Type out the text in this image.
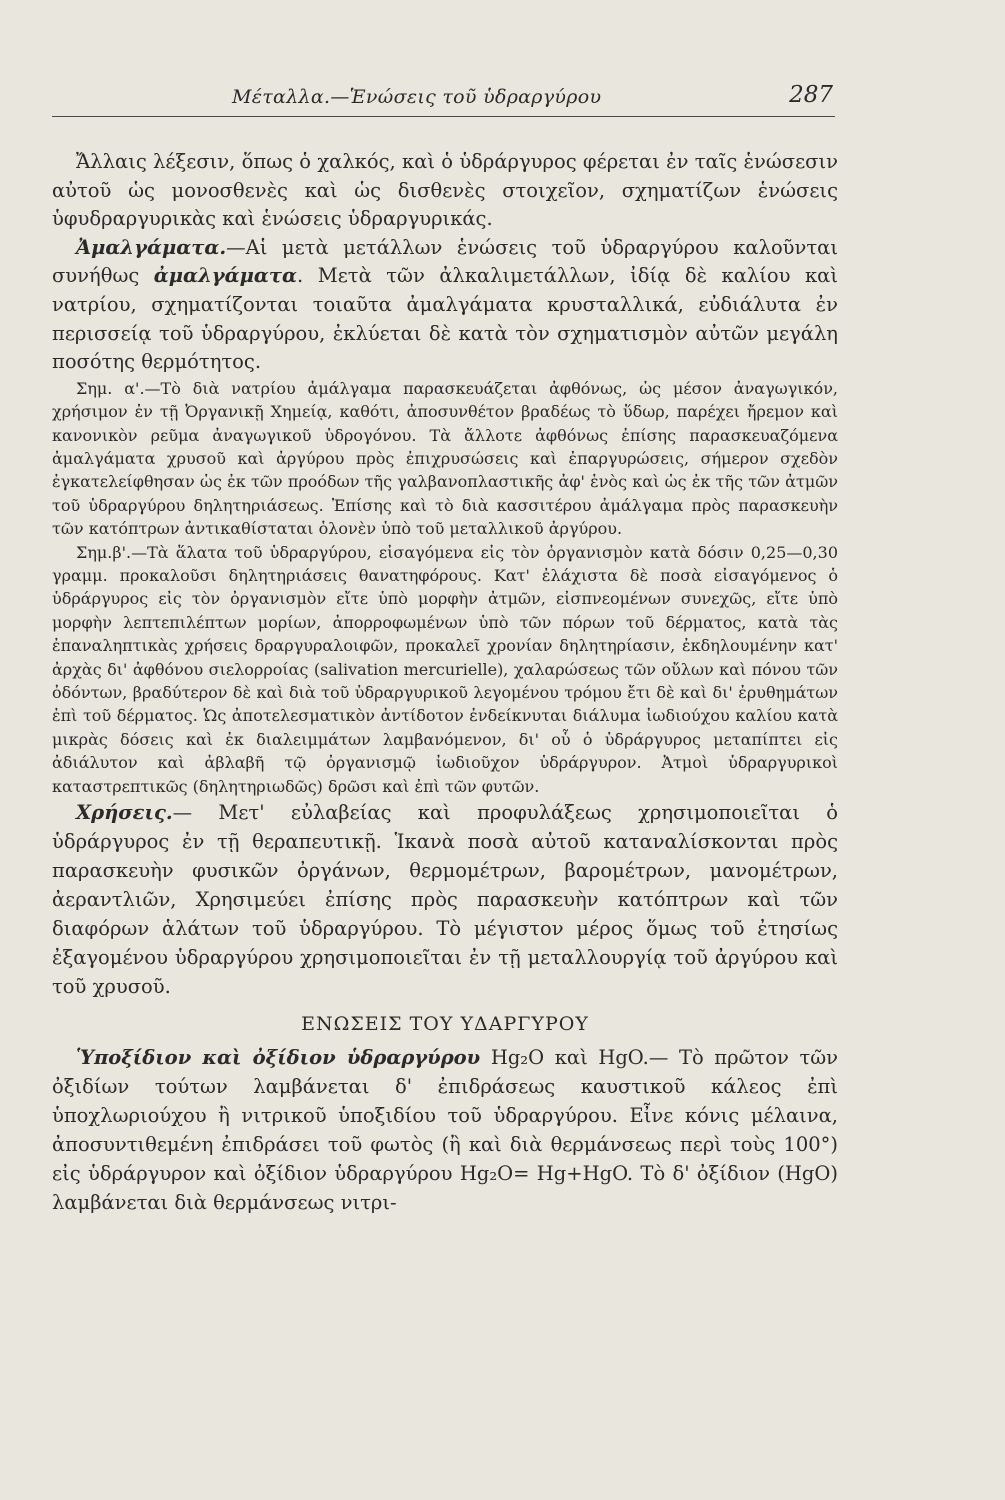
Μέταλλα.—Ἑνώσεις τοῦ ὑδραργύρου	287

Ἄλλαις λέξεσιν, ὅπως ὁ χαλκός, καὶ ὁ ὑδράργυρος φέρεται ἐν ταῖς ἑνώσεσιν αὐτοῦ ὡς μονοσθενὲς καὶ ὡς δισθενὲς στοιχεῖον, σχηματίζων ἑνώσεις ὑφυδραργυρικὰς καὶ ἑνώσεις ὑδραργυρικάς.

Ἀμαλγάματα.—Αἱ μετὰ μετάλλων ἑνώσεις τοῦ ὑδραργύρου καλοῦνται συνήθως ἀμαλγάματα. Μετὰ τῶν ἀλκαλιμετάλλων, ἰδίᾳ δὲ καλίου καὶ νατρίου, σχηματίζονται τοιαῦτα ἀμαλγάματα κρυσταλλικά, εὐδιάλυτα ἐν περισσείᾳ τοῦ ὑδραργύρου, ἐκλύεται δὲ κατὰ τὸν σχηματισμὸν αὐτῶν μεγάλη ποσότης θερμότητος.

Σημ. α'.—Τὸ διὰ νατρίου ἀμάλγαμα παρασκευάζεται ἀφθόνως, ὡς μέσον ἀναγωγικόν, χρήσιμον ἐν τῇ Ὀργανικῇ Χημείᾳ, καθότι, ἀποσυνθέτον βραδέως τὸ ὕδωρ, παρέχει ἤρεμον καὶ κανονικὸν ρεῦμα ἀναγωγικοῦ ὑδρογόνου. Τὰ ἄλλοτε ἀφθόνως ἐπίσης παρασκευαζόμενα ἀμαλγάματα χρυσοῦ καὶ ἀργύρου πρὸς ἐπιχρυσώσεις καὶ ἐπαργυρώσεις, σήμερον σχεδὸν ἐγκατελείφθησαν ὡς ἐκ τῶν προόδων τῆς γαλβανοπλαστικῆς ἀφ' ἑνὸς καὶ ὡς ἐκ τῆς τῶν ἀτμῶν τοῦ ὑδραργύρου δηλητηριάσεως. Ἐπίσης καὶ τὸ διὰ κασσιτέρου ἀμάλγαμα πρὸς παρασκευὴν τῶν κατόπτρων ἀντικαθίσταται ὁλονὲν ὑπὸ τοῦ μεταλλικοῦ ἀργύρου.

Σημ.β'.—Τὰ ἅλατα τοῦ ὑδραργύρου, εἰσαγόμενα εἰς τὸν ὀργανισμὸν κατὰ δόσιν 0,25—0,30 γραμμ. προκαλοῦσι δηλητηριάσεις θανατηφόρους. Κατ' ἐλάχιστα δὲ ποσὰ εἰσαγόμενος ὁ ὑδράργυρος εἰς τὸν ὀργανισμὸν εἴτε ὑπὸ μορφὴν ἀτμῶν, εἰσπνεομένων συνεχῶς, εἴτε ὑπὸ μορφὴν λεπτεπιλέπτων μορίων, ἀπορροφωμένων ὑπὸ τῶν πόρων τοῦ δέρματος, κατὰ τὰς ἐπαναληπτικὰς χρήσεις δραργυραλοιφῶν, προκαλεῖ χρονίαν δηλητηρίασιν, ἐκδηλουμένην κατ' ἀρχὰς δι' ἀφθόνου σιελορροίας (salivation mercurielle), χαλαρώσεως τῶν οὔλων καὶ πόνου τῶν ὀδόντων, βραδύτερον δὲ καὶ διὰ τοῦ ὑδραργυρικοῦ λεγομένου τρόμου ἔτι δὲ καὶ δι' ἐρυθημάτων ἐπὶ τοῦ δέρματος. Ὡς ἀποτελεσματικὸν ἀντίδοτον ἐνδείκνυται διάλυμα ἰωδιούχου καλίου κατὰ μικρὰς δόσεις καὶ ἐκ διαλειμμάτων λαμβανόμενον, δι' οὗ ὁ ὑδράργυρος μεταπίπτει εἰς ἀδιάλυτον καὶ ἀβλαβῆ τῷ ὀργανισμῷ ἰωδιοῦχον ὑδράργυρον. Ἀτμοὶ ὑδραργυρικοὶ καταστρεπτικῶς (δηλητηριωδῶς) δρῶσι καὶ ἐπὶ τῶν φυτῶν.

Χρήσεις.— Μετ' εὐλαβείας καὶ προφυλάξεως χρησιμοποιεῖται ὁ ὑδράργυρος ἐν τῇ θεραπευτικῇ. Ἱκανὰ ποσὰ αὐτοῦ καταναλίσκονται πρὸς παρασκευὴν φυσικῶν ὀργάνων, θερμομέτρων, βαρομέτρων, μανομέτρων, ἀεραντλιῶν, Χρησιμεύει ἐπίσης πρὸς παρασκευὴν κατόπτρων καὶ τῶν διαφόρων ἁλάτων τοῦ ὑδραργύρου. Τὸ μέγιστον μέρος ὅμως τοῦ ἐτησίως ἐξαγομένου ὑδραργύρου χρησιμοποιεῖται ἐν τῇ μεταλλουργίᾳ τοῦ ἀργύρου καὶ τοῦ χρυσοῦ.

ΕΝΩΣΕΙΣ ΤΟΥ ΥΔΑΡΓΥΡΟΥ

Ὑποξίδιον καὶ ὀξίδιον ὑδραργύρου Hg₂O καὶ HgO.— Τὸ πρῶτον τῶν ὀξιδίων τούτων λαμβάνεται δ' ἐπιδράσεως καυστικοῦ κάλεος ἐπὶ ὑποχλωριούχου ἢ νιτρικοῦ ὑποξιδίου τοῦ ὑδραργύρου. Εἶνε κόνις μέλαινα, ἀποσυντιθεμένη ἐπιδράσει τοῦ φωτὸς (ἢ καὶ διὰ θερμάνσεως περὶ τοὺς 100°) εἰς ὑδράργυρον καὶ ὀξίδιον ὑδραργύρου Hg₂O= Hg+HgO. Τὸ δ' ὀξίδιον (HgO) λαμβάνεται διὰ θερμάνσεως νιτρι-
